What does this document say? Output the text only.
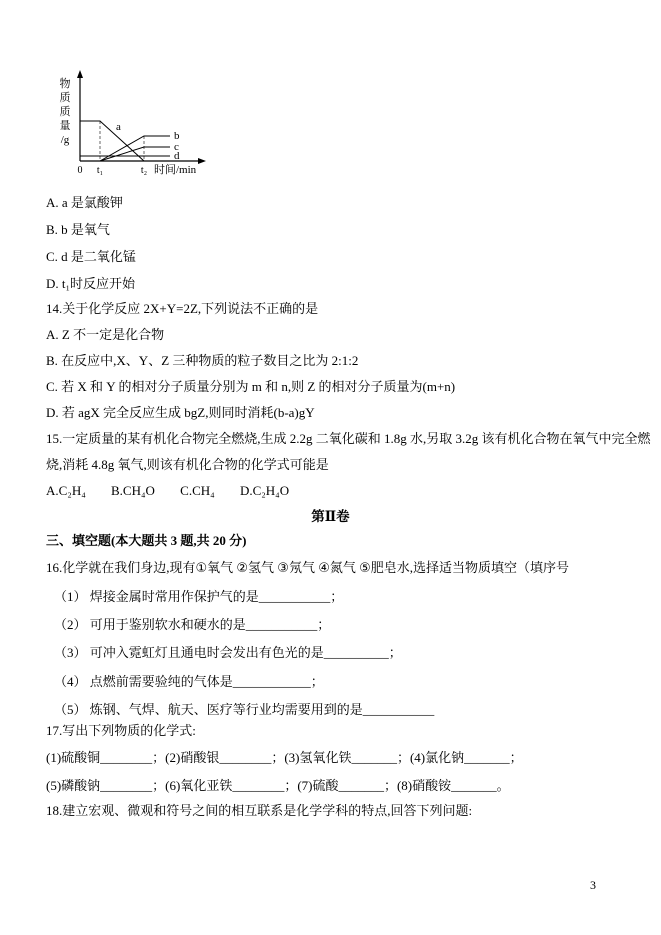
a
b
c
d
0 t₁	t₂ 时间/min
物
质
质
量
/g
A. a 是氯酸钾
B. b 是氧气
C. d 是二氧化锰
D. t₁时反应开始
14.关于化学反应 2X+Y=2Z,下列说法不正确的是
A. Z 不一定是化合物
B. 在反应中,X、Y、Z 三种物质的粒子数目之比为 2:1:2
C. 若 X 和 Y 的相对分子质量分别为 m 和 n,则 Z 的相对分子质量为(m+n)
D. 若 agX 完全反应生成 bgZ,则同时消耗(b-a)gY
15.一定质量的某有机化合物完全燃烧,生成 2.2g 二氧化碳和 1.8g 水,另取 3.2g 该有机化合物在氧气中完全燃
烧,消耗 4.8g 氧气,则该有机化合物的化学式可能是
A.C₂H₄ B.CH₄O C.CH₄ D.C₂H₄O
第Ⅱ卷
三、填空题(本大题共 3 题,共 20 分)
16.化学就在我们身边,现有①氧气 ②氢气 ③氖气 ④氮气 ⑤肥皂水,选择适当物质填空（填序号
（1） 焊接金属时常用作保护气的是___________；
（2） 可用于鉴别软水和硬水的是___________；
（3） 可冲入霓虹灯且通电时会发出有色光的是__________；
（4） 点燃前需要验纯的气体是____________；
（5） 炼钢、气焊、航天、医疗等行业均需要用到的是___________
17.写出下列物质的化学式:
(1)硫酸铜________；(2)硝酸银________；(3)氢氧化铁_______；(4)氯化钠_______；
(5)磷酸钠________；(6)氧化亚铁________；(7)硫酸_______；(8)硝酸铵_______。
18.建立宏观、微观和符号之间的相互联系是化学学科的特点,回答下列问题:
3
